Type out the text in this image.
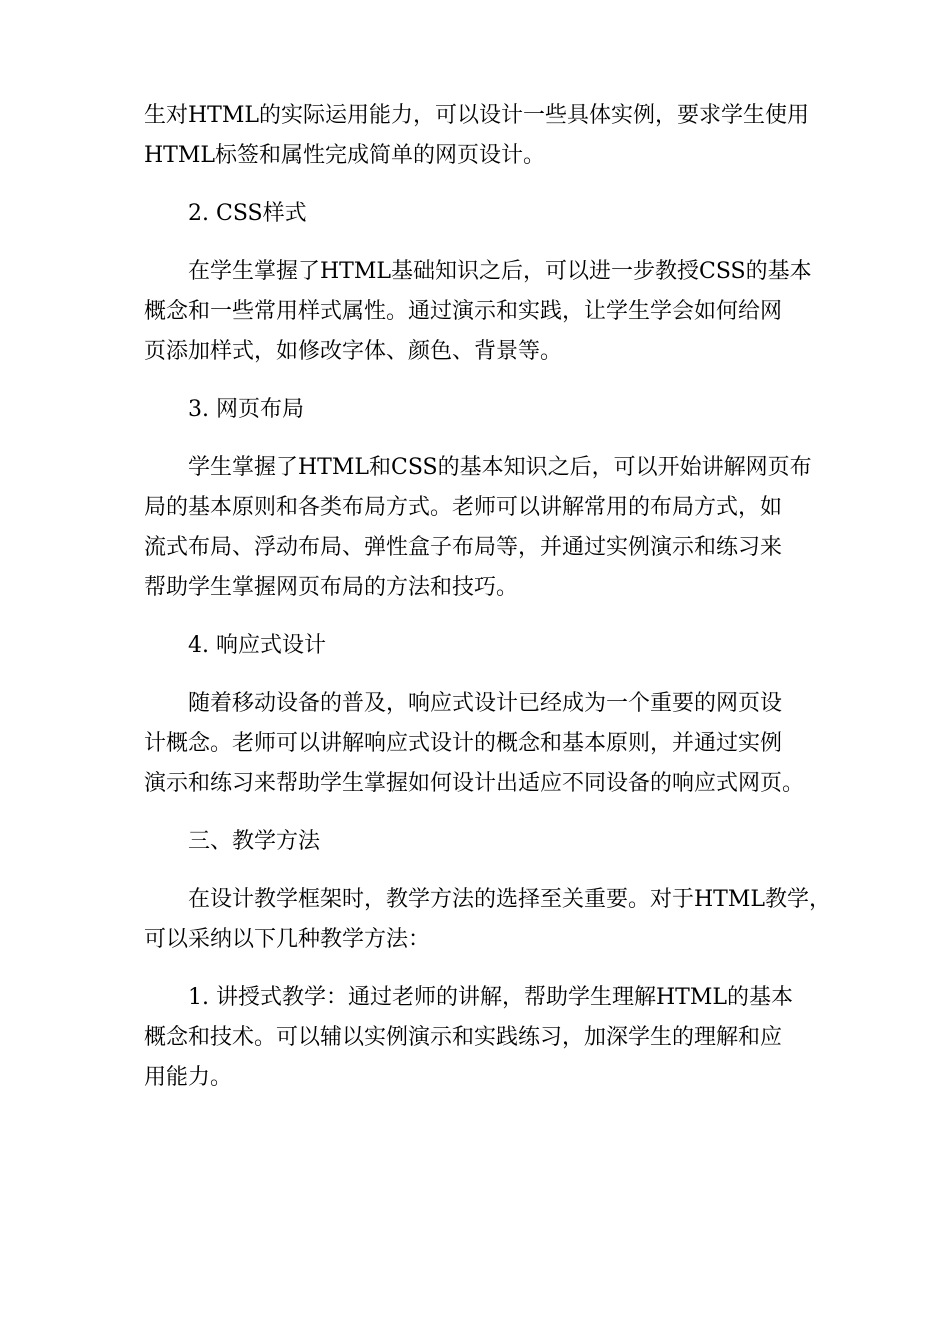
生对HTML的实际运用能力，可以设计一些具体实例，要求学生使用
HTML标签和属性完成简单的网页设计。
2. CSS样式
在学生掌握了HTML基础知识之后，可以进一步教授CSS的基本
概念和一些常用样式属性。通过演示和实践，让学生学会如何给网
页添加样式，如修改字体、颜色、背景等。
3. 网页布局
学生掌握了HTML和CSS的基本知识之后，可以开始讲解网页布
局的基本原则和各类布局方式。老师可以讲解常用的布局方式，如
流式布局、浮动布局、弹性盒子布局等，并通过实例演示和练习来
帮助学生掌握网页布局的方法和技巧。
4. 响应式设计
随着移动设备的普及，响应式设计已经成为一个重要的网页设
计概念。老师可以讲解响应式设计的概念和基本原则，并通过实例
演示和练习来帮助学生掌握如何设计出适应不同设备的响应式网页。
三、教学方法
在设计教学框架时，教学方法的选择至关重要。对于HTML教学，
可以采纳以下几种教学方法：
1. 讲授式教学：通过老师的讲解，帮助学生理解HTML的基本
概念和技术。可以辅以实例演示和实践练习，加深学生的理解和应
用能力。
